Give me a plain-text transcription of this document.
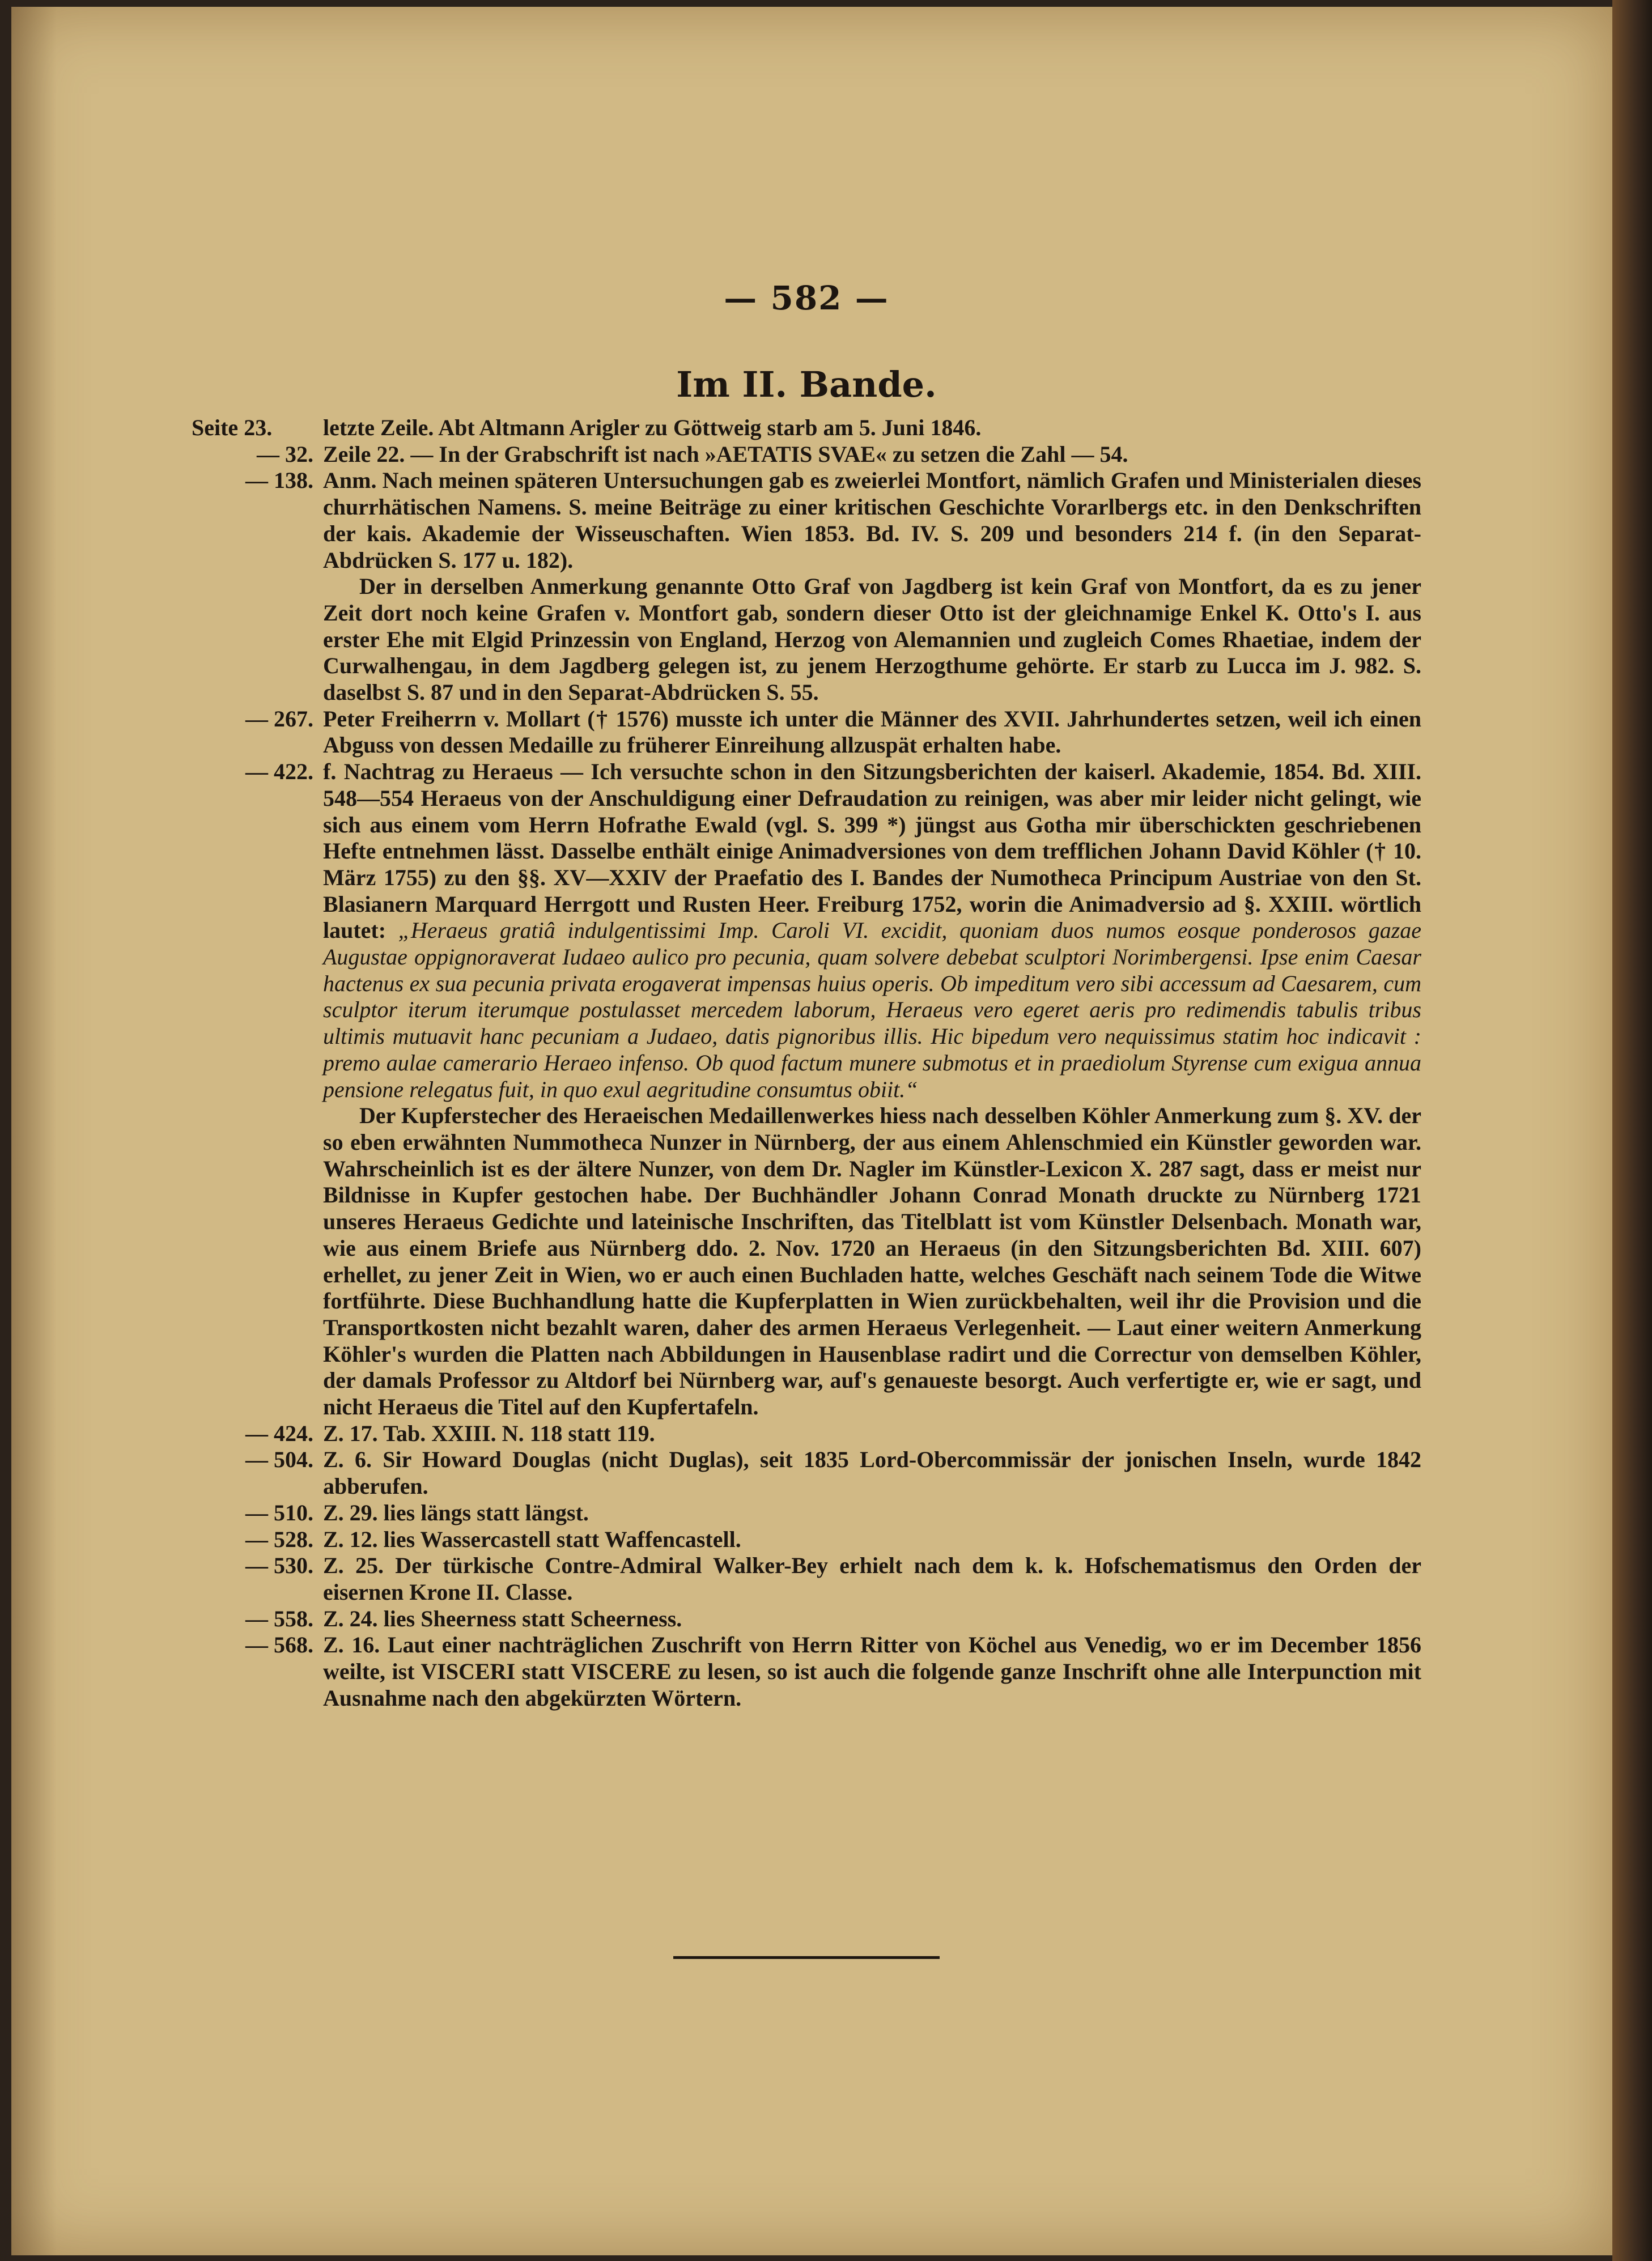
— 582 —
Im II. Bande.
Seite 23.	letzte Zeile. Abt Altmann Arigler zu Göttweig starb am 5. Juni 1846.

— 32. Zeile 22. — In der Grabschrift ist nach »AETATIS SVAE« zu setzen die Zahl — 54.

— 138. Anm. Nach meinen späteren Untersuchungen gab es zweierlei Montfort, nämlich Grafen und Ministerialen dieses churrhätischen Namens. S. meine Beiträge zu einer kritischen Geschichte Vorarlbergs etc. in den Denkschriften der kais. Akademie der Wisseuschaften. Wien 1853. Bd. IV. S. 209 und besonders 214 f. (in den Separat-Abdrücken S. 177 u. 182).

Der in derselben Anmerkung genannte Otto Graf von Jagdberg ist kein Graf von Montfort, da es zu jener Zeit dort noch keine Grafen v. Montfort gab, sondern dieser Otto ist der gleichnamige Enkel K. Otto's I. aus erster Ehe mit Elgid Prinzessin von England, Herzog von Alemannien und zugleich Comes Rhaetiae, indem der Curwalhengau, in dem Jagdberg gelegen ist, zu jenem Herzogthume gehörte. Er starb zu Lucca im J. 982. S. daselbst S. 87 und in den Separat-Abdrücken S. 55.

— 267. Peter Freiherrn v. Mollart († 1576) musste ich unter die Männer des XVII. Jahrhundertes setzen, weil ich einen Abguss von dessen Medaille zu früherer Einreihung allzuspät erhalten habe.

— 422. f. Nachtrag zu Heraeus — Ich versuchte schon in den Sitzungsberichten der kaiserl. Akademie, 1854. Bd. XIII. 548—554 Heraeus von der Anschuldigung einer Defraudation zu reinigen, was aber mir leider nicht gelingt, wie sich aus einem vom Herrn Hofrathe Ewald (vgl. S. 399 *) jüngst aus Gotha mir überschickten geschriebenen Hefte entnehmen lässt. Dasselbe enthält einige Animadversiones von dem trefflichen Johann David Köhler († 10. März 1755) zu den §§. XV—XXIV der Praefatio des I. Bandes der Numotheca Principum Austriae von den St. Blasianern Marquard Herrgott und Rusten Heer. Freiburg 1752, worin die Animadversio ad §. XXIII. wörtlich lautet: „Heraeus gratiâ indulgentissimi Imp. Caroli VI. excidit, quoniam duos numos eosque ponderosos gazae Augustae oppignoraverat Iudaeo aulico pro pecunia, quam solvere debebat sculptori Norimbergensi. Ipse enim Caesar hactenus ex sua pecunia privata erogaverat impensas huius operis. Ob impeditum vero sibi accessum ad Caesarem, cum sculptor iterum iterumque postulasset mercedem laborum, Heraeus vero egeret aeris pro redimendis tabulis tribus ultimis mutuavit hanc pecuniam a Judaeo, datis pignoribus illis. Hic bipedum vero nequissimus statim hoc indicavit : premo aulae camerario Heraeo infenso. Ob quod factum munere submotus et in praediolum Styrense cum exigua annua pensione relegatus fuit, in quo exul aegritudine consumtus obiit.“

Der Kupferstecher des Heraeischen Medaillenwerkes hiess nach desselben Köhler Anmerkung zum §. XV. der so eben erwähnten Nummotheca Nunzer in Nürnberg, der aus einem Ahlenschmied ein Künstler geworden war. Wahrscheinlich ist es der ältere Nunzer, von dem Dr. Nagler im Künstler-Lexicon X. 287 sagt, dass er meist nur Bildnisse in Kupfer gestochen habe. Der Buchhändler Johann Conrad Monath druckte zu Nürnberg 1721 unseres Heraeus Gedichte und lateinische Inschriften, das Titelblatt ist vom Künstler Delsenbach. Monath war, wie aus einem Briefe aus Nürnberg ddo. 2. Nov. 1720 an Heraeus (in den Sitzungsberichten Bd. XIII. 607) erhellet, zu jener Zeit in Wien, wo er auch einen Buchladen hatte, welches Geschäft nach seinem Tode die Witwe fortführte. Diese Buchhandlung hatte die Kupferplatten in Wien zurückbehalten, weil ihr die Provision und die Transportkosten nicht bezahlt waren, daher des armen Heraeus Verlegenheit. — Laut einer weitern Anmerkung Köhler's wurden die Platten nach Abbildungen in Hausenblase radirt und die Correctur von demselben Köhler, der damals Professor zu Altdorf bei Nürnberg war, auf's genaueste besorgt. Auch verfertigte er, wie er sagt, und nicht Heraeus die Titel auf den Kupfertafeln.

— 424. Z. 17. Tab. XXIII. N. 118 statt 119.

— 504. Z. 6. Sir Howard Douglas (nicht Duglas), seit 1835 Lord-Obercommissär der jonischen Inseln, wurde 1842 abberufen.

— 510. Z. 29. lies längs statt längst.

— 528. Z. 12. lies Wassercastell statt Waffencastell.

— 530. Z. 25. Der türkische Contre-Admiral Walker-Bey erhielt nach dem k. k. Hofschematismus den Orden der eisernen Krone II. Classe.

— 558. Z. 24. lies Sheerness statt Scheerness.

— 568. Z. 16. Laut einer nachträglichen Zuschrift von Herrn Ritter von Köchel aus Venedig, wo er im December 1856 weilte, ist VISCERI statt VISCERE zu lesen, so ist auch die folgende ganze Inschrift ohne alle Interpunction mit Ausnahme nach den abgekürzten Wörtern.
